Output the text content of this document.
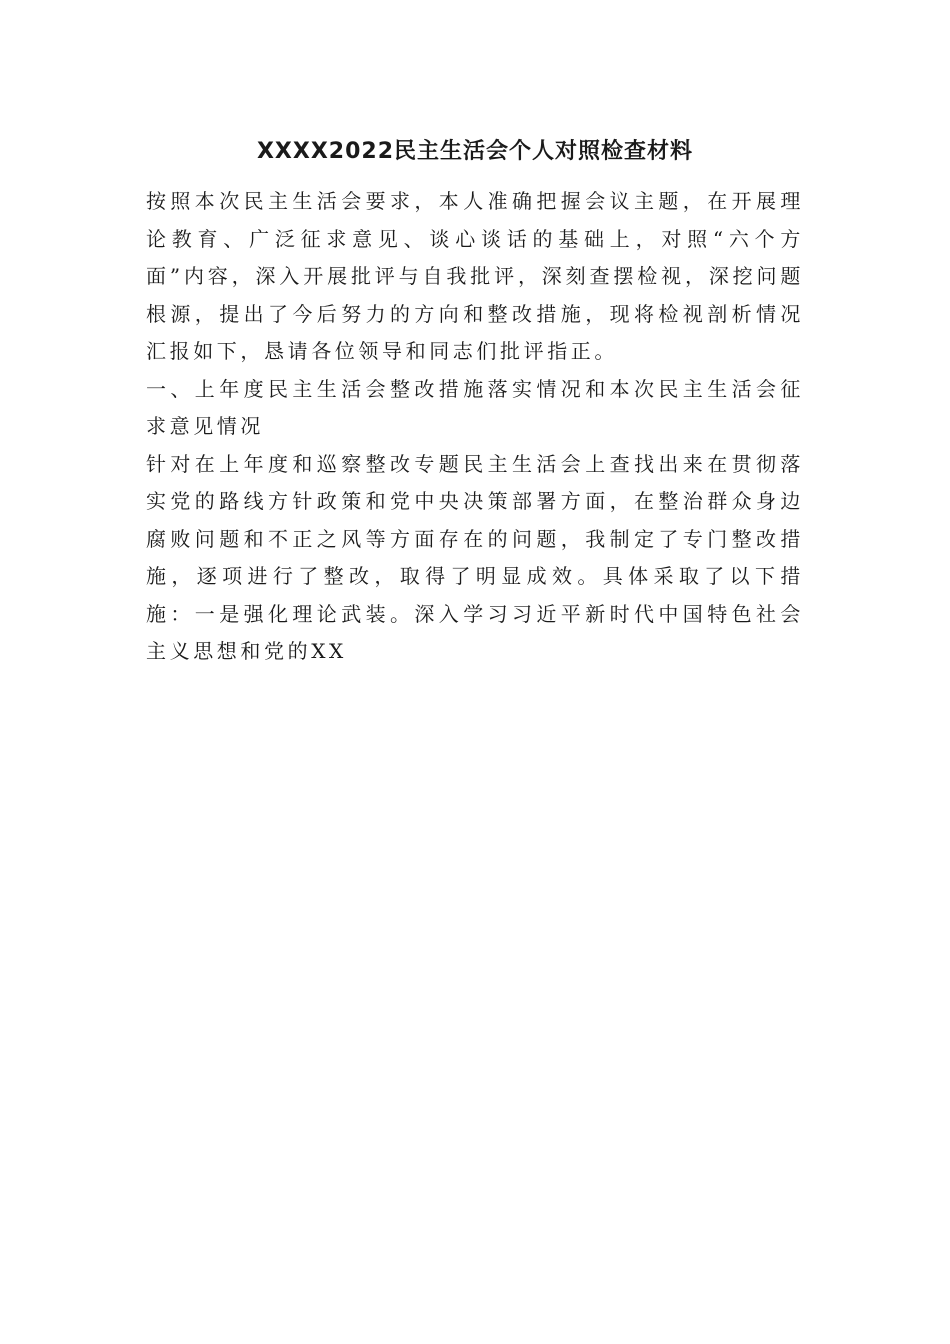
XXXX2022民主生活会个人对照检查材料

按照本次民主生活会要求，本人准确把握会议主题，在开展理论教育、广泛征求意见、谈心谈话的基础上，对照“六个方面”内容，深入开展批评与自我批评，深刻查摆检视，深挖问题根源，提出了今后努力的方向和整改措施，现将检视剖析情况汇报如下，恳请各位领导和同志们批评指正。

一、上年度民主生活会整改措施落实情况和本次民主生活会征求意见情况

针对在上年度和巡察整改专题民主生活会上查找出来在贯彻落实党的路线方针政策和党中央决策部署方面，在整治群众身边腐败问题和不正之风等方面存在的问题，我制定了专门整改措施，逐项进行了整改，取得了明显成效。具体采取了以下措施：一是强化理论武装。深入学习习近平新时代中国特色社会主义思想和党的XX
